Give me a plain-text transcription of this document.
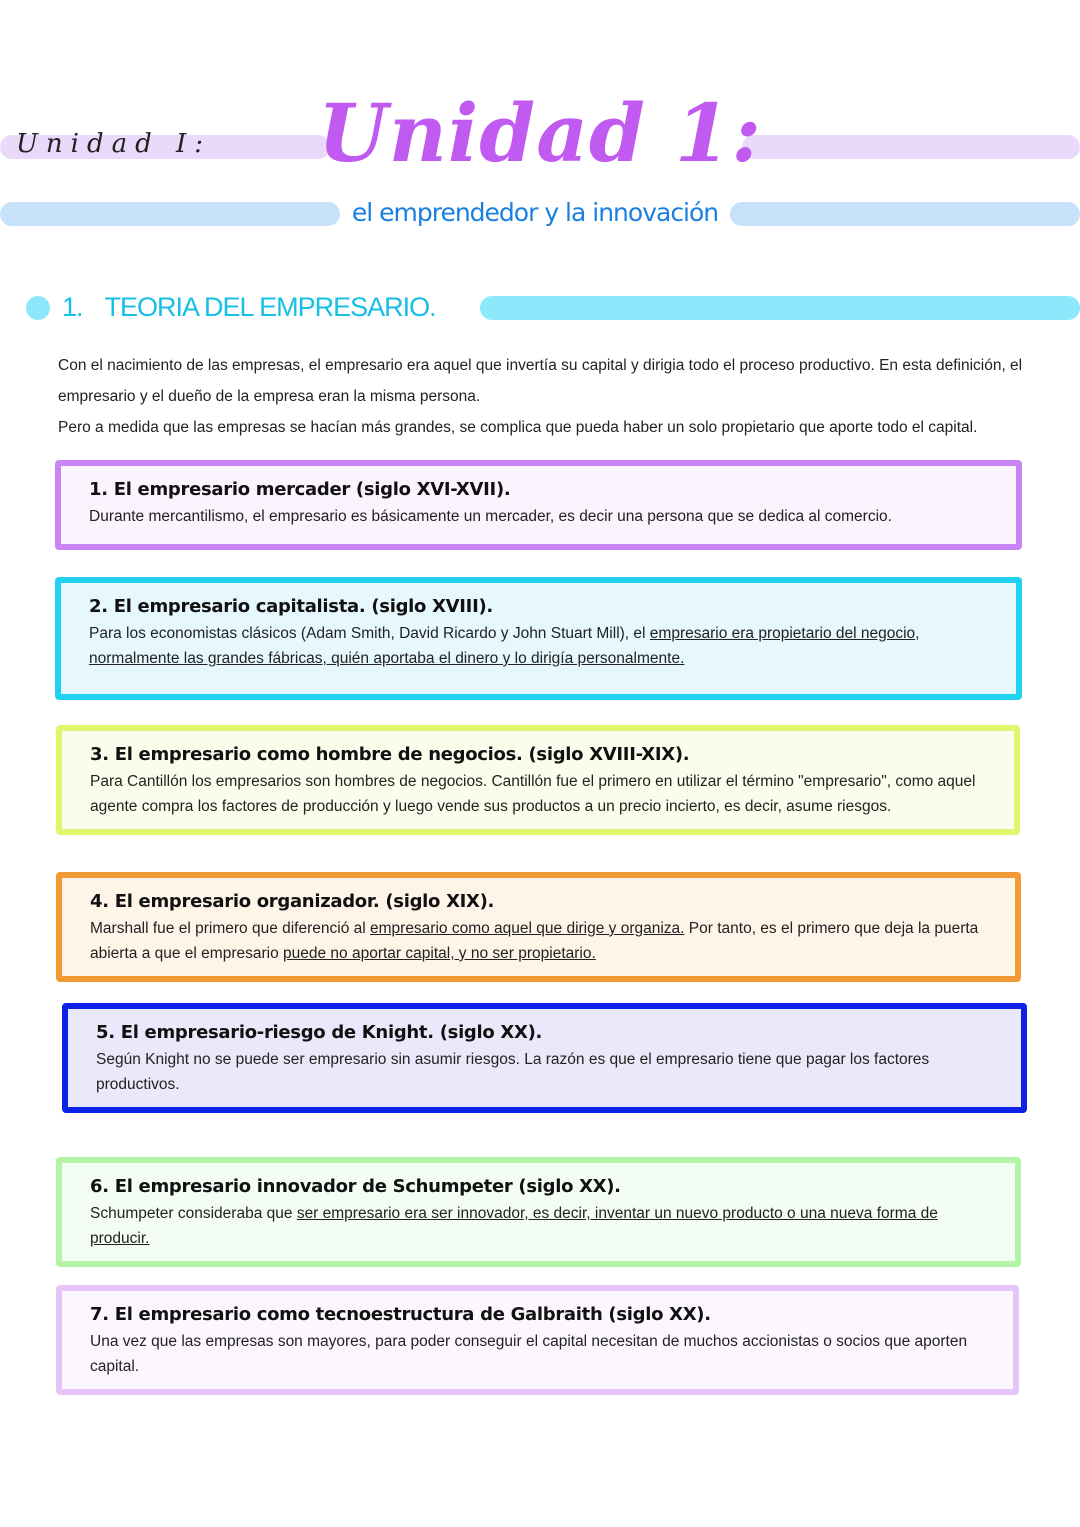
Unidad I:	Unidad 1:
el emprendedor y la innovación
1. TEORIA DEL EMPRESARIO.
Con el nacimiento de las empresas, el empresario era aquel que invertía su capital y dirigia todo el proceso productivo. En esta definición, el empresario y el dueño de la empresa eran la misma persona.
Pero a medida que las empresas se hacían más grandes, se complica que pueda haber un solo propietario que aporte todo el capital.
1. El empresario mercader (siglo XVI-XVII).

Durante mercantilismo, el empresario es básicamente un mercader, es decir una persona que se dedica al comercio.

2. El empresario capitalista. (siglo XVIII).

Para los economistas clásicos (Adam Smith, David Ricardo y John Stuart Mill), el empresario era propietario del negocio, normalmente las grandes fábricas, quién aportaba el dinero y lo dirigía personalmente.

3. El empresario como hombre de negocios. (siglo XVIII-XIX).

Para Cantillón los empresarios son hombres de negocios. Cantillón fue el primero en utilizar el término "empresario", como aquel agente compra los factores de producción y luego vende sus productos a un precio incierto, es decir, asume riesgos.

4. El empresario organizador. (siglo XIX).

Marshall fue el primero que diferenció al empresario como aquel que dirige y organiza. Por tanto, es el primero que deja la puerta abierta a que el empresario puede no aportar capital, y no ser propietario.

5. El empresario-riesgo de Knight. (siglo XX).

Según Knight no se puede ser empresario sin asumir riesgos. La razón es que el empresario tiene que pagar los factores productivos.

6. El empresario innovador de Schumpeter (siglo XX).

Schumpeter consideraba que ser empresario era ser innovador, es decir, inventar un nuevo producto o una nueva forma de producir.

7. El empresario como tecnoestructura de Galbraith (siglo XX).

Una vez que las empresas son mayores, para poder conseguir el capital necesitan de muchos accionistas o socios que aporten capital.
